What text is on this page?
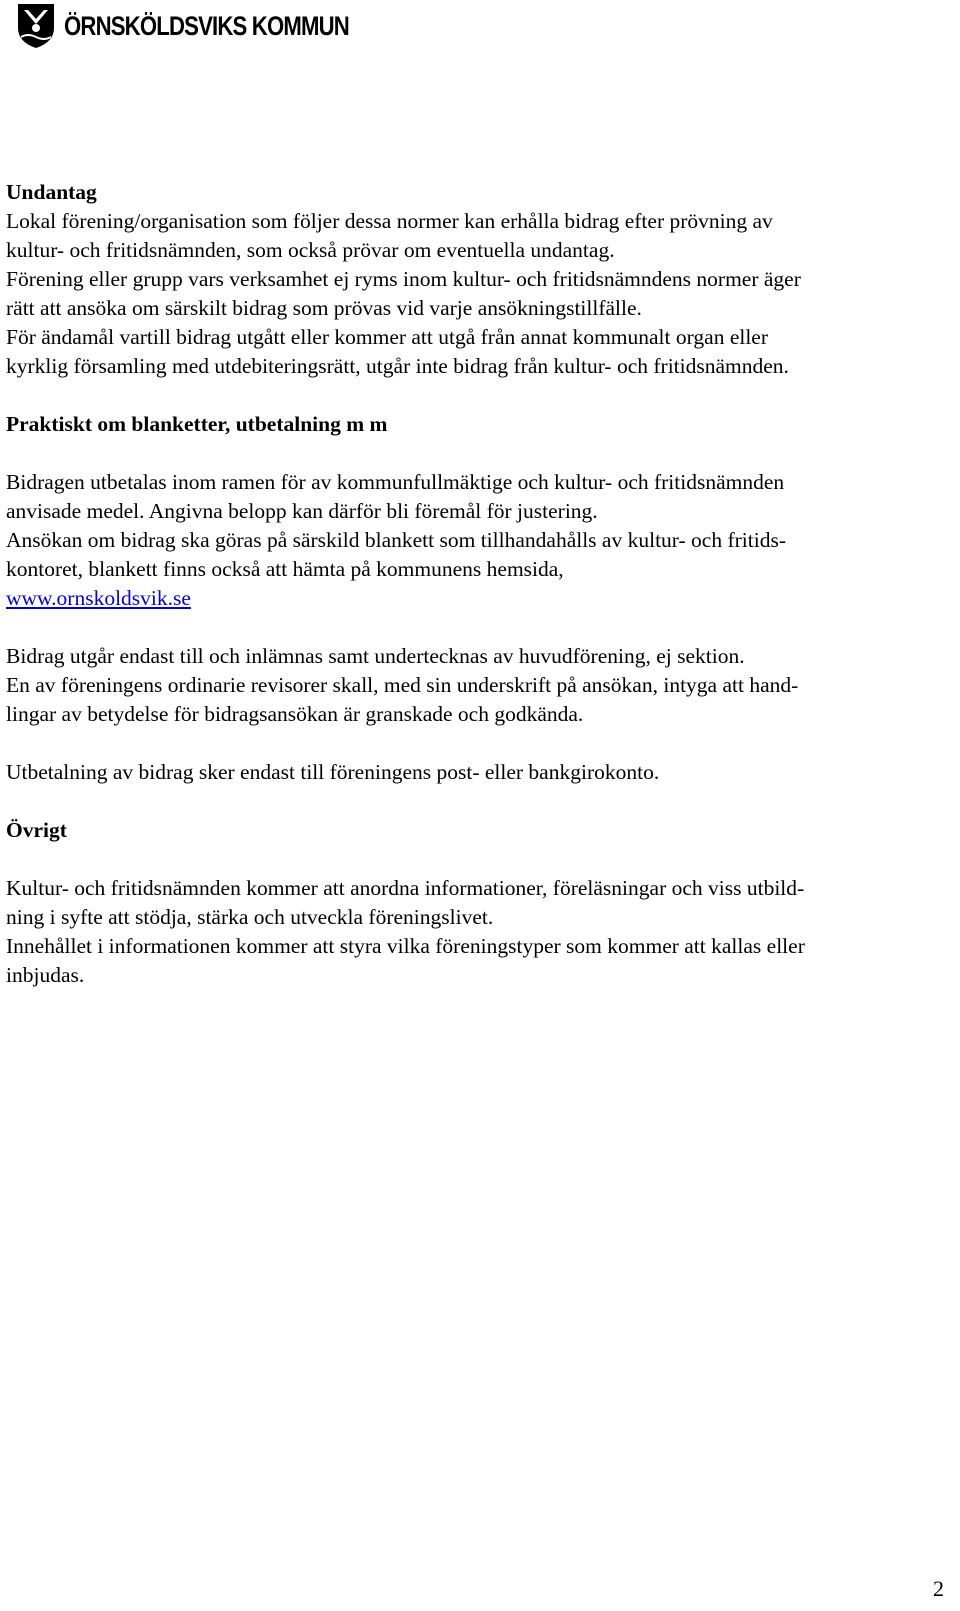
ÖRNSKÖLDSVIKS KOMMUN

Undantag

Lokal förening/organisation som följer dessa normer kan erhålla bidrag efter prövning av

kultur- och fritidsnämnden, som också prövar om eventuella undantag.

Förening eller grupp vars verksamhet ej ryms inom kultur- och fritidsnämndens normer äger

rätt att ansöka om särskilt bidrag som prövas vid varje ansökningstillfälle.

För ändamål vartill bidrag utgått eller kommer att utgå från annat kommunalt organ eller

kyrklig församling med utdebiteringsrätt, utgår inte bidrag från kultur- och fritidsnämnden.

Praktiskt om blanketter, utbetalning m m

Bidragen utbetalas inom ramen för av kommunfullmäktige och kultur- och fritidsnämnden

anvisade medel. Angivna belopp kan därför bli föremål för justering.

Ansökan om bidrag ska göras på särskild blankett som tillhandahålls av kultur- och fritids-

kontoret, blankett finns också att hämta på kommunens hemsida,

www.ornskoldsvik.se

Bidrag utgår endast till och inlämnas samt undertecknas av huvudförening, ej sektion.

En av föreningens ordinarie revisorer skall, med sin underskrift på ansökan, intyga att hand-

lingar av betydelse för bidragsansökan är granskade och godkända.

Utbetalning av bidrag sker endast till föreningens post- eller bankgirokonto.

Övrigt

Kultur- och fritidsnämnden kommer att anordna informationer, föreläsningar och viss utbild-

ning i syfte att stödja, stärka och utveckla föreningslivet.

Innehållet i informationen kommer att styra vilka föreningstyper som kommer att kallas eller

inbjudas.

2
